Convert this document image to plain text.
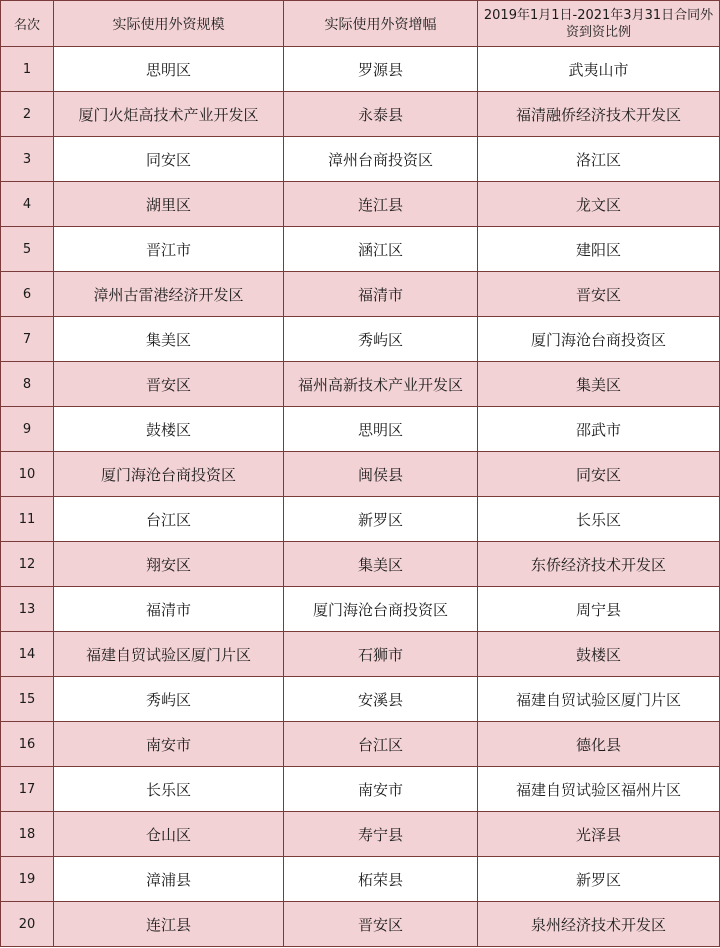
名次	实际使用外资规模	实际使用外资增幅	2019年1月1日-2021年3月31日合同外资到资比例
1	思明区	罗源县	武夷山市
2	厦门火炬高技术产业开发区	永泰县	福清融侨经济技术开发区
3	同安区	漳州台商投资区	洛江区
4	湖里区	连江县	龙文区
5	晋江市	涵江区	建阳区
6	漳州古雷港经济开发区	福清市	晋安区
7	集美区	秀屿区	厦门海沧台商投资区
8	晋安区	福州高新技术产业开发区	集美区
9	鼓楼区	思明区	邵武市
10	厦门海沧台商投资区	闽侯县	同安区
11	台江区	新罗区	长乐区
12	翔安区	集美区	东侨经济技术开发区
13	福清市	厦门海沧台商投资区	周宁县
14	福建自贸试验区厦门片区	石狮市	鼓楼区
15	秀屿区	安溪县	福建自贸试验区厦门片区
16	南安市	台江区	德化县
17	长乐区	南安市	福建自贸试验区福州片区
18	仓山区	寿宁县	光泽县
19	漳浦县	柘荣县	新罗区
20	连江县	晋安区	泉州经济技术开发区
